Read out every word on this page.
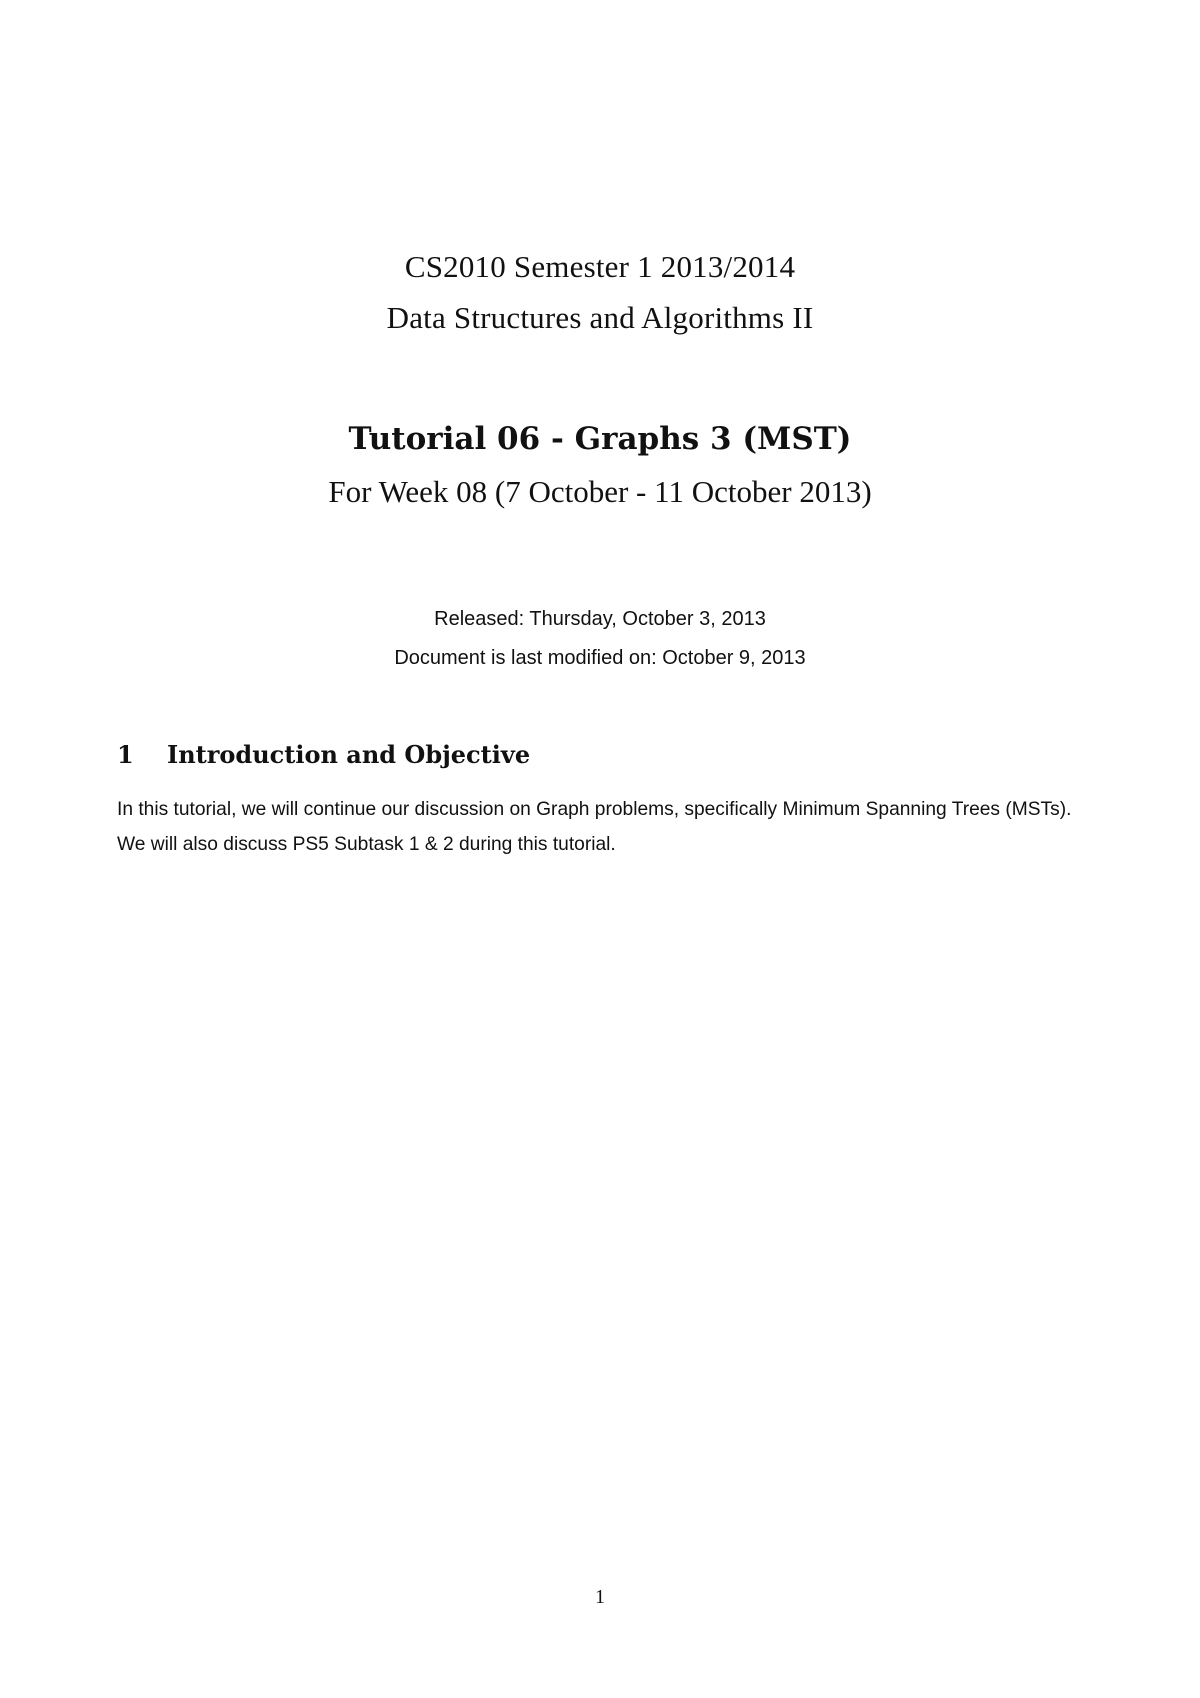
CS2010 Semester 1 2013/2014

Data Structures and Algorithms II

Tutorial 06 - Graphs 3 (MST)

For Week 08 (7 October - 11 October 2013)

Released: Thursday, October 3, 2013

Document is last modified on: October 9, 2013

1	Introduction and Objective

In this tutorial, we will continue our discussion on Graph problems, specifically Minimum Spanning Trees (MSTs). We will also discuss PS5 Subtask 1 & 2 during this tutorial.

1
